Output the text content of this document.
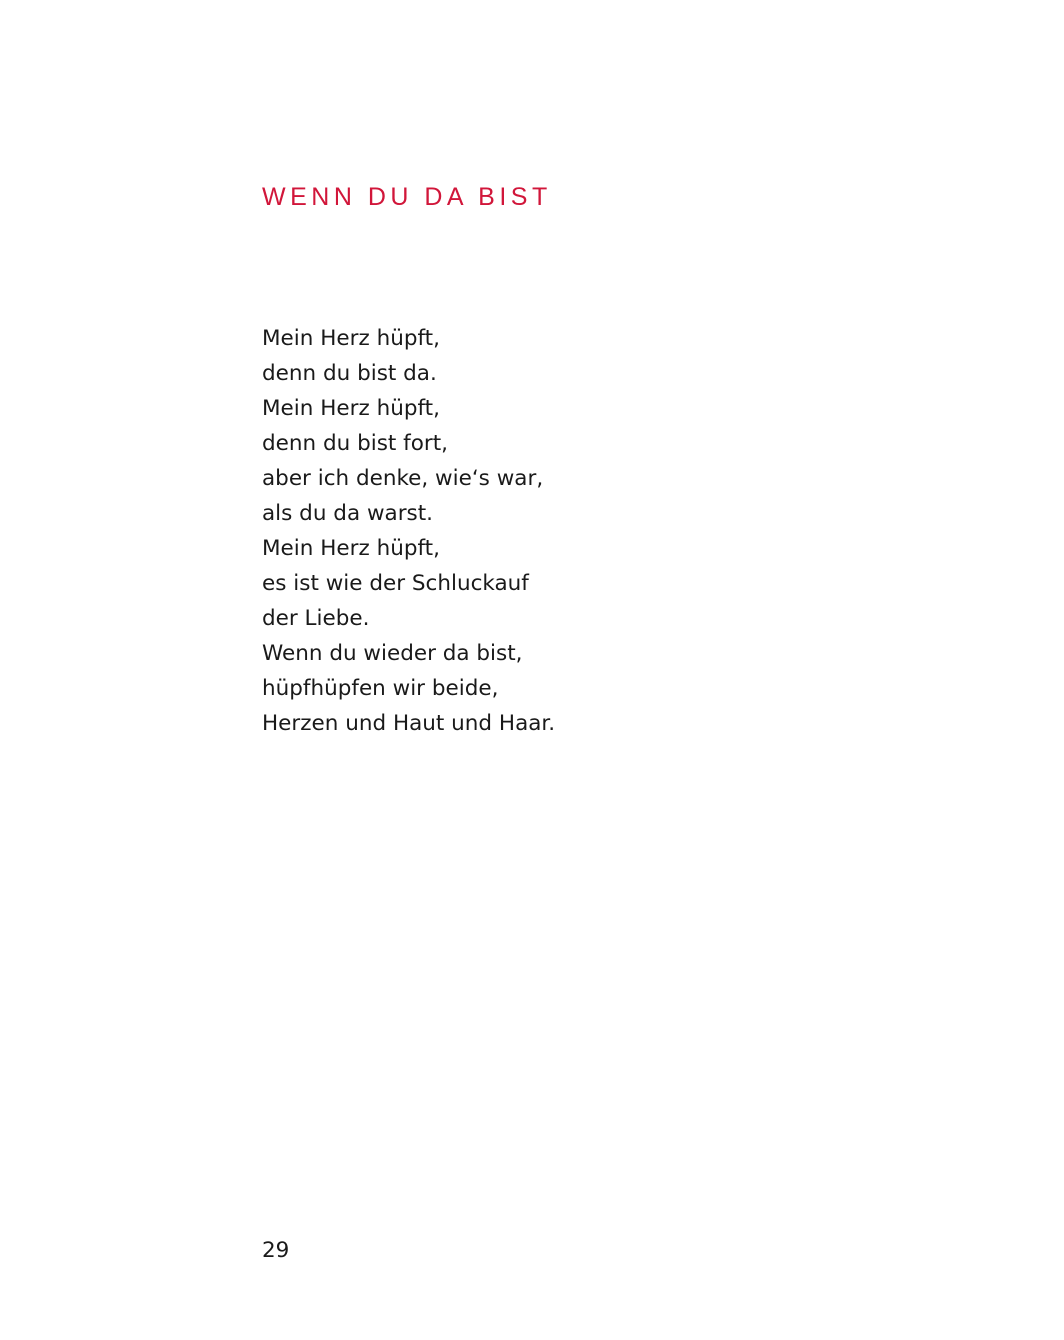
WENN DU DA BIST
Mein Herz hüpft,
denn du bist da.
Mein Herz hüpft,
denn du bist fort,
aber ich denke, wie‘s war,
als du da warst.
Mein Herz hüpft,
es ist wie der Schluckauf
der Liebe.
Wenn du wieder da bist,
hüpfhüpfen wir beide,
Herzen und Haut und Haar.
29
